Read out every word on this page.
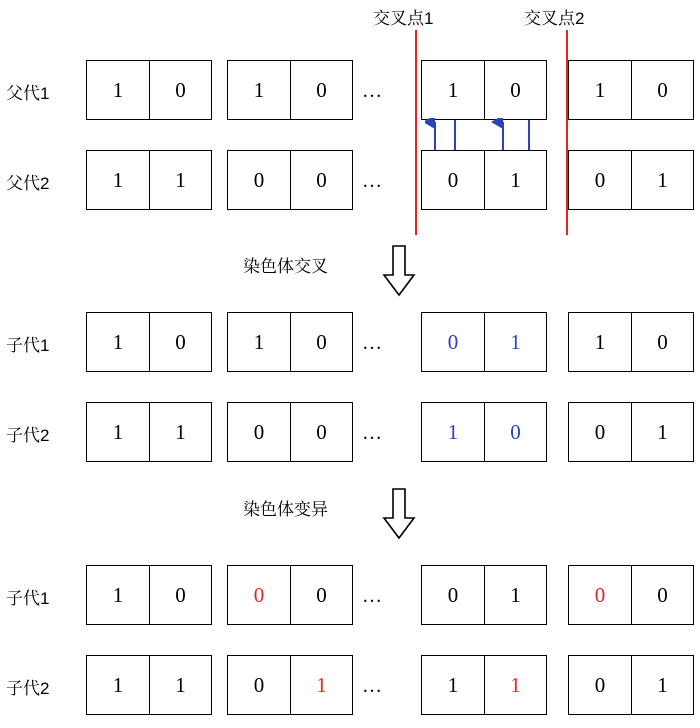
交叉点1	交叉点2
父代1	1	0	1	0	…	1	0	1	0
父代2	1	1	0	0	…	0	1	0	1
染色体交叉
子代1	1	0	1	0	…	0	1	1	0
子代2	1	1	0	0	…	1	0	0	1
染色体变异
子代1	1	0	0	0	…	0	1	0	0
子代2	1	1	0	1	…	1	1	0	1
